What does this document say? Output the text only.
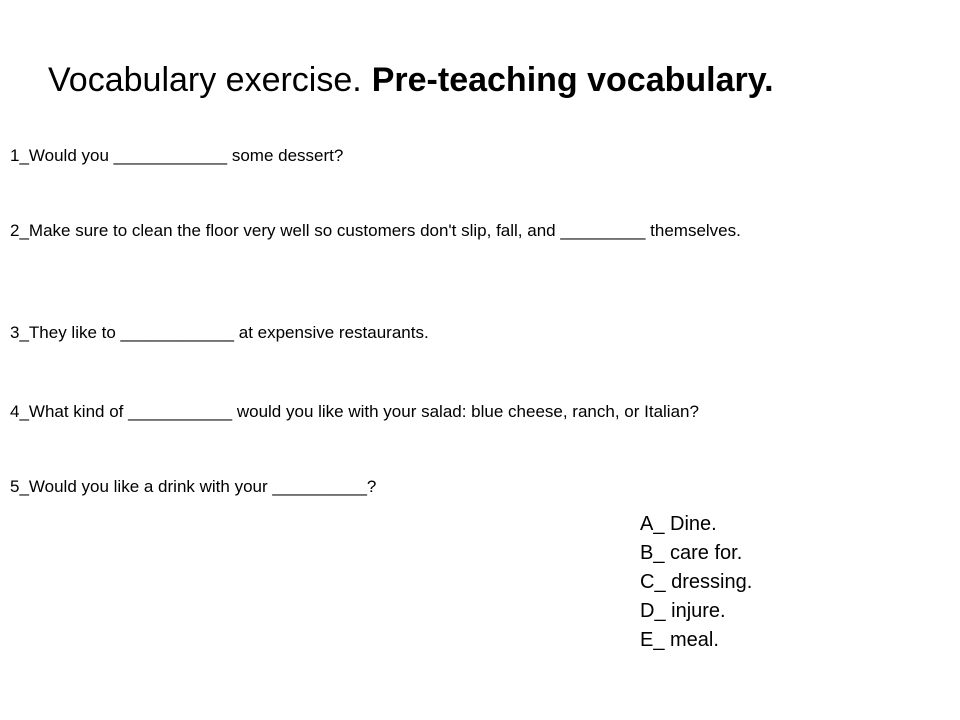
Vocabulary exercise. Pre-teaching vocabulary.
1_Would you ____________ some dessert?
2_Make sure to clean the floor very well so customers don't slip, fall, and _________ themselves.
3_They like to ____________ at expensive restaurants.
4_What kind of ___________ would you like with your salad: blue cheese, ranch, or Italian?
5_Would you like a drink with your __________?
A_ Dine.
B_ care for.
C_ dressing.
D_ injure.
E_ meal.
